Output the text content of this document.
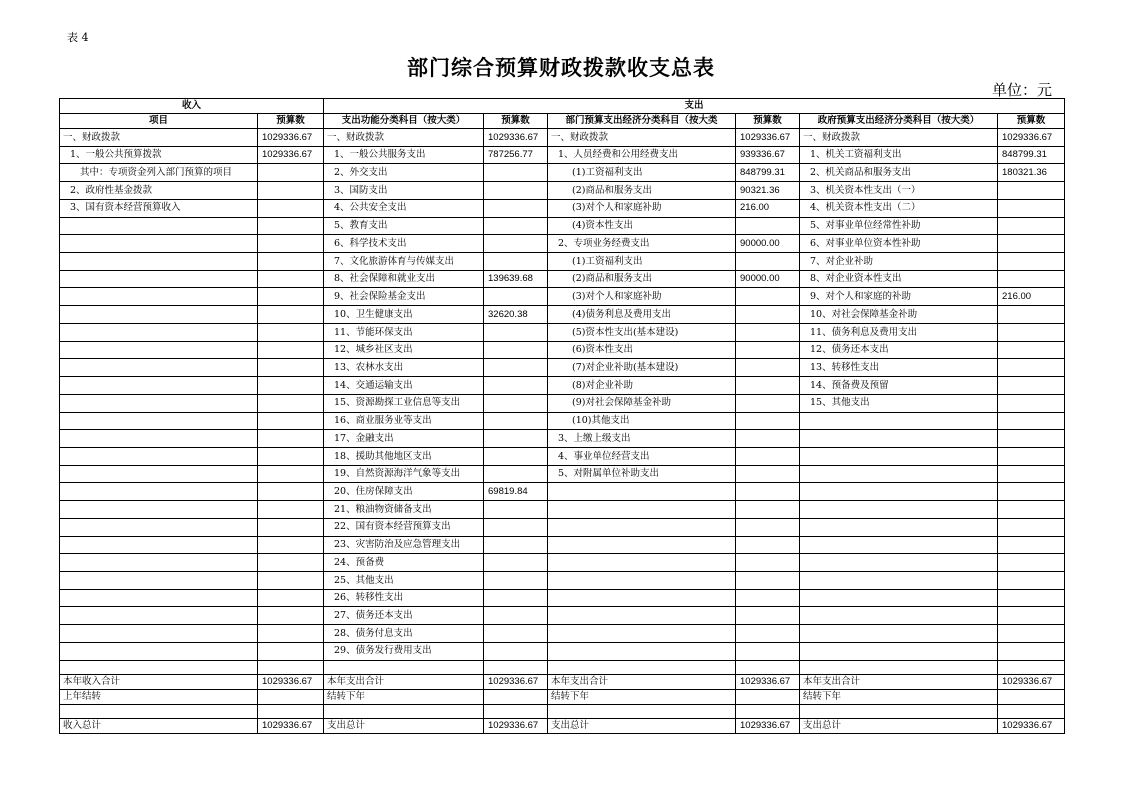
表 4
部门综合预算财政拨款收支总表
单位：元
收入		支出					
项目	预算数	支出功能分类科目（按大类）	预算数	部门预算支出经济分类科目（按大类	预算数	政府预算支出经济分类科目（按大类）	预算数
一、财政拨款	1029336.67	一、财政拨款	1029336.67	一、财政拨款	1029336.67	一、财政拨款	1029336.67
1、一般公共预算拨款	1029336.67	1、一般公共服务支出	787256.77	1、人员经费和公用经费支出	939336.67	1、机关工资福利支出	848799.31
其中：专项资金列入部门预算的项目		2、外交支出		(1)工资福利支出	848799.31	2、机关商品和服务支出	180321.36
2、政府性基金拨款		3、国防支出		(2)商品和服务支出	90321.36	3、机关资本性支出（一）	
3、国有资本经营预算收入		4、公共安全支出		(3)对个人和家庭补助	216.00	4、机关资本性支出（二）	
		5、教育支出		(4)资本性支出		5、对事业单位经常性补助	
		6、科学技术支出		2、专项业务经费支出	90000.00	6、对事业单位资本性补助	
		7、文化旅游体育与传媒支出		(1)工资福利支出		7、对企业补助	
		8、社会保障和就业支出	139639.68	(2)商品和服务支出	90000.00	8、对企业资本性支出	
		9、社会保险基金支出		(3)对个人和家庭补助		9、对个人和家庭的补助	216.00
		10、卫生健康支出	32620.38	(4)债务利息及费用支出		10、对社会保障基金补助	
		11、节能环保支出		(5)资本性支出(基本建设)		11、债务利息及费用支出	
		12、城乡社区支出		(6)资本性支出		12、债务还本支出	
		13、农林水支出		(7)对企业补助(基本建设)		13、转移性支出	
		14、交通运输支出		(8)对企业补助		14、预备费及预留	
		15、资源勘探工业信息等支出		(9)对社会保障基金补助		15、其他支出	
		16、商业服务业等支出		(10)其他支出			
		17、金融支出		3、上缴上级支出			
		18、援助其他地区支出		4、事业单位经营支出			
		19、自然资源海洋气象等支出		5、对附属单位补助支出			
		20、住房保障支出	69819.84				
		21、粮油物资储备支出					
		22、国有资本经营预算支出					
		23、灾害防治及应急管理支出					
		24、预备费					
		25、其他支出					
		26、转移性支出					
		27、债务还本支出					
		28、债务付息支出					
		29、债务发行费用支出					

本年收入合计	1029336.67	本年支出合计	1029336.67	本年支出合计	1029336.67	本年支出合计	1029336.67
上年结转		结转下年		结转下年		结转下年	

收入总计	1029336.67	支出总计	1029336.67	支出总计	1029336.67	支出总计	1029336.67
